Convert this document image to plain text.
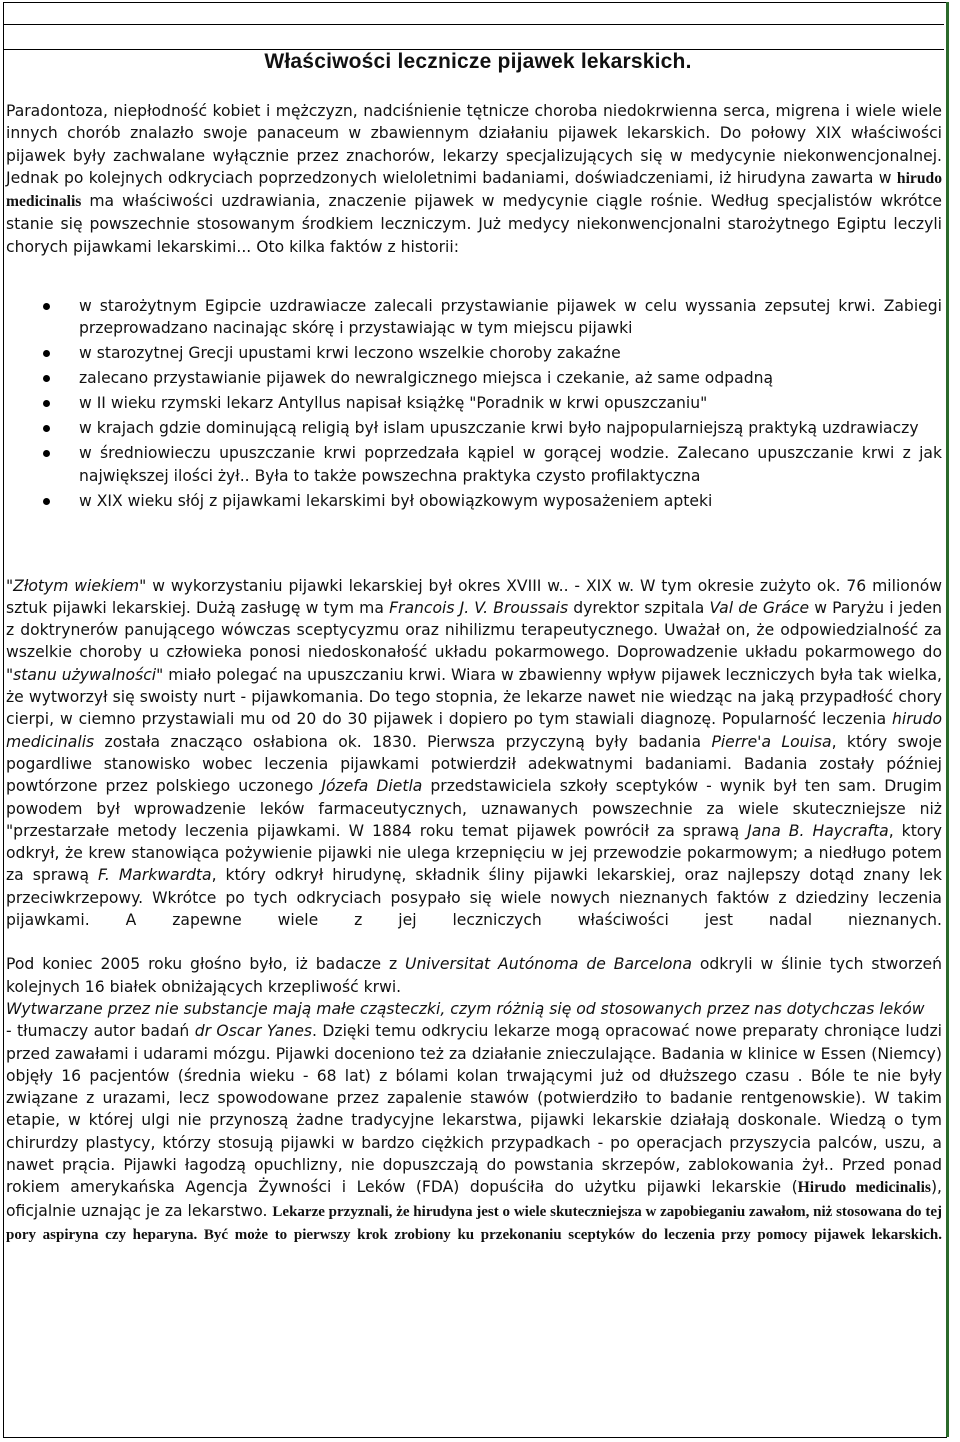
Właściwości lecznicze pijawek lekarskich.

Paradontoza, niepłodność kobiet i mężczyzn, nadciśnienie tętnicze choroba niedokrwienna serca, migrena i wiele wiele innych chorób znalazło swoje panaceum w zbawiennym działaniu pijawek lekarskich. Do połowy XIX właściwości pijawek były zachwalane wyłącznie przez znachorów, lekarzy specjalizujących się w medycynie niekonwencjonalnej. Jednak po kolejnych odkryciach poprzedzonych wieloletnimi badaniami, doświadczeniami, iż hirudyna zawarta w hirudo medicinalis ma właściwości uzdrawiania, znaczenie pijawek w medycynie ciągle rośnie. Według specjalistów wkrótce stanie się powszechnie stosowanym środkiem leczniczym. Już medycy niekonwencjonalni starożytnego Egiptu leczyli chorych pijawkami lekarskimi... Oto kilka faktów z historii:

w starożytnym Egipcie uzdrawiacze zalecali przystawianie pijawek w celu wyssania zepsutej krwi. Zabiegi przeprowadzano nacinając skórę i przystawiając w tym miejscu pijawki
w starozytnej Grecji upustami krwi leczono wszelkie choroby zakaźne
zalecano przystawianie pijawek do newralgicznego miejsca i czekanie, aż same odpadną
w II wieku rzymski lekarz Antyllus napisał książkę "Poradnik w krwi opuszczaniu"
w krajach gdzie dominującą religią był islam upuszczanie krwi było najpopularniejszą praktyką uzdrawiaczy
w średniowieczu upuszczanie krwi poprzedzała kąpiel w gorącej wodzie. Zalecano upuszczanie krwi z jak największej ilości żył.. Była to także powszechna praktyka czysto profilaktyczna
w XIX wieku słój z pijawkami lekarskimi był obowiązkowym wyposażeniem apteki

"Złotym wiekiem" w wykorzystaniu pijawki lekarskiej był okres XVIII w.. - XIX w. W tym okresie zużyto ok. 76 milionów sztuk pijawki lekarskiej. Dużą zasługę w tym ma Francois J. V. Broussais dyrektor szpitala Val de Gráce w Paryżu i jeden z doktrynerów panującego wówczas sceptycyzmu oraz nihilizmu terapeutycznego. Uważał on, że odpowiedzialność za wszelkie choroby u człowieka ponosi niedoskonałość układu pokarmowego. Doprowadzenie układu pokarmowego do "stanu używalności" miało polegać na upuszczaniu krwi. Wiara w zbawienny wpływ pijawek leczniczych była tak wielka, że wytworzył się swoisty nurt - pijawkomania. Do tego stopnia, że lekarze nawet nie wiedząc na jaką przypadłość chory cierpi, w ciemno przystawiali mu od 20 do 30 pijawek i dopiero po tym stawiali diagnozę. Popularność leczenia hirudo medicinalis została znacząco osłabiona ok. 1830. Pierwsza przyczyną były badania Pierre'a Louisa, który swoje pogardliwe stanowisko wobec leczenia pijawkami potwierdził adekwatnymi badaniami. Badania zostały później powtórzone przez polskiego uczonego Józefa Dietla przedstawiciela szkoły sceptyków - wynik był ten sam. Drugim powodem był wprowadzenie leków farmaceutycznych, uznawanych powszechnie za wiele skuteczniejsze niż "przestarzałe metody leczenia pijawkami. W 1884 roku temat pijawek powrócił za sprawą Jana B. Haycrafta, ktory odkrył, że krew stanowiąca pożywienie pijawki nie ulega krzepnięciu w jej przewodzie pokarmowym; a niedługo potem za sprawą F. Markwardta, który odkrył hirudynę, składnik śliny pijawki lekarskiej, oraz najlepszy dotąd znany lek przeciwkrzepowy. Wkrótce po tych odkryciach posypało się wiele nowych nieznanych faktów z dziedziny leczenia pijawkami. A zapewne wiele z jej leczniczych właściwości jest nadal nieznanych.

Pod koniec 2005 roku głośno było, iż badacze z Universitat Autónoma de Barcelona odkryli w ślinie tych stworzeń kolejnych 16 białek obniżających krzepliwość krwi.

Wytwarzane przez nie substancje mają małe cząsteczki, czym różnią się od stosowanych przez nas dotychczas leków

- tłumaczy autor badań dr Oscar Yanes. Dzięki temu odkryciu lekarze mogą opracować nowe preparaty chroniące ludzi przed zawałami i udarami mózgu. Pijawki doceniono też za działanie znieczulające. Badania w klinice w Essen (Niemcy) objęły 16 pacjentów (średnia wieku - 68 lat) z bólami kolan trwającymi już od dłuższego czasu . Bóle te nie były związane z urazami, lecz spowodowane przez zapalenie stawów (potwierdziło to badanie rentgenowskie). W takim etapie, w której ulgi nie przynoszą żadne tradycyjne lekarstwa, pijawki lekarskie działają doskonale. Wiedzą o tym chirurdzy plastycy, którzy stosują pijawki w bardzo ciężkich przypadkach - po operacjach przyszycia palców, uszu, a nawet prącia. Pijawki łagodzą opuchlizny, nie dopuszczają do powstania skrzepów, zablokowania żył.. Przed ponad rokiem amerykańska Agencja Żywności i Leków (FDA) dopuściła do użytku pijawki lekarskie (Hirudo medicinalis), oficjalnie uznając je za lekarstwo. Lekarze przyznali, że hirudyna jest o wiele skuteczniejsza w zapobieganiu zawałom, niż stosowana do tej pory aspiryna czy heparyna. Być może to pierwszy krok zrobiony ku przekonaniu sceptyków do leczenia przy pomocy pijawek lekarskich.
